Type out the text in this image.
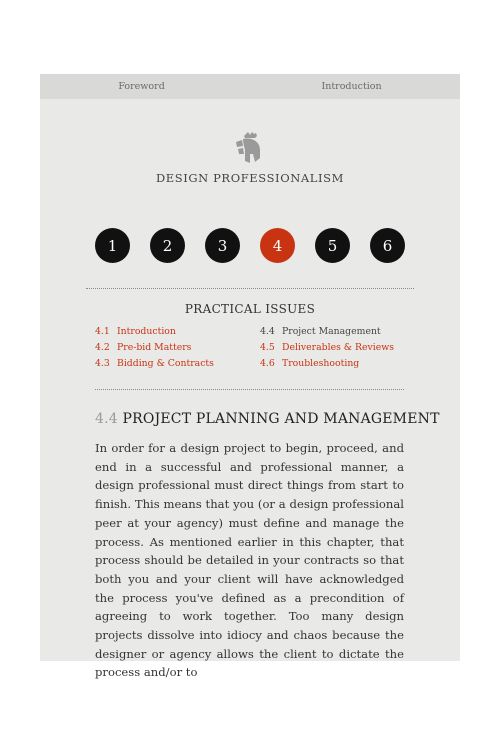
Foreword	Introduction
DESIGN PROFESSIONALISM
1	2	3	4	5	6
PRACTICAL ISSUES
4.1 Introduction	4.4 Project Management
4.2 Pre-bid Matters	4.5 Deliverables & Reviews
4.3 Bidding & Contracts	4.6 Troubleshooting
4.4 PROJECT PLANNING AND MANAGEMENT

In order for a design project to begin, proceed, and end in a successful and professional manner, a design professional must direct things from start to finish. This means that you (or a design professional peer at your agency) must define and manage the process. As mentioned earlier in this chapter, that process should be detailed in your contracts so that both you and your client will have acknowledged the process you've defined as a precondition of agreeing to work together. Too many design projects dissolve into idiocy and chaos because the designer or agency allows the client to dictate the process and/or to
